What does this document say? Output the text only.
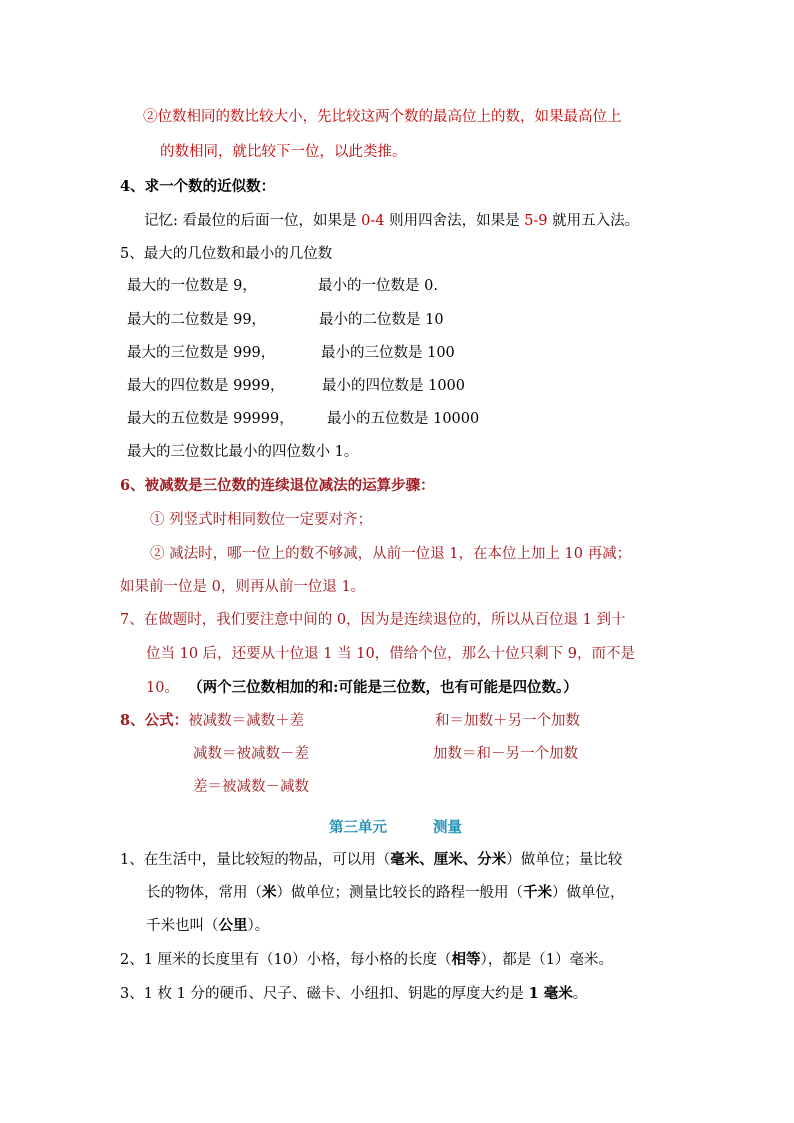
②位数相同的数比较大小，先比较这两个数的最高位上的数，如果最高位上
的数相同，就比较下一位，以此类推。
4、求一个数的近似数：
记忆: 看最位的后面一位，如果是 0-4 则用四舍法，如果是 5-9 就用五入法。
5、最大的几位数和最小的几位数
最大的一位数是 9，	最小的一位数是 0.
最大的二位数是 99，	最小的二位数是 10
最大的三位数是 999，	最小的三位数是 100
最大的四位数是 9999，	最小的四位数是 1000
最大的五位数是 99999， 最小的五位数是 10000
最大的三位数比最小的四位数小 1。
6、被减数是三位数的连续退位减法的运算步骤：
① 列竖式时相同数位一定要对齐；
② 减法时，哪一位上的数不够减，从前一位退 1，在本位上加上 10 再减；
如果前一位是 0，则再从前一位退 1。
7、在做题时，我们要注意中间的 0，因为是连续退位的，所以从百位退 1 到十
位当 10 后，还要从十位退 1 当 10，借给个位，那么十位只剩下 9，而不是
10。 （两个三位数相加的和:可能是三位数，也有可能是四位数。）
8、公式：被减数＝减数＋差	和＝加数＋另一个加数
减数＝被减数－差	加数＝和－另一个加数
差＝被减数－减数
第三单元	测量
1、在生活中，量比较短的物品，可以用（毫米、厘米、分米）做单位；量比较
长的物体，常用（米）做单位；测量比较长的路程一般用（千米）做单位，
千米也叫（公里）。
2、1 厘米的长度里有（10）小格，每小格的长度（相等），都是（1）毫米。
3、1 枚 1 分的硬币、尺子、磁卡、小纽扣、钥匙的厚度大约是 1 毫米。
